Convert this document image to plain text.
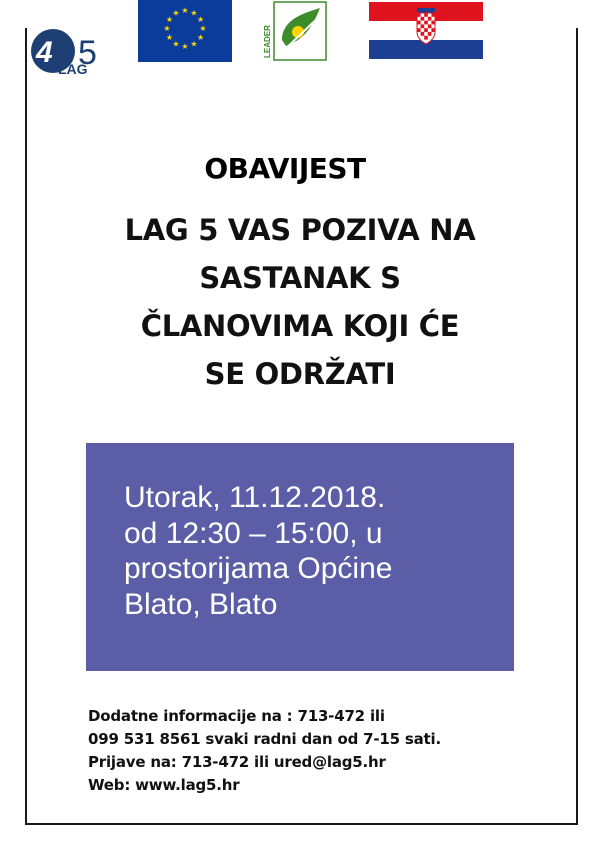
4 5
LAG
★ ★
★
★
★
★
★
★
★
★
★
★
LEADER
OBAVIJEST
LAG 5 VAS POZIVA NA
SASTANAK S
ČLANOVIMA KOJI ĆE
SE ODRŽATI
Utorak, 11.12.2018.
od 12:30 – 15:00, u
prostorijama Općine
Blato, Blato
Dodatne informacije na : 713-472 ili
099 531 8561 svaki radni dan od 7-15 sati.
Prijave na: 713-472 ili ured@lag5.hr
Web: www.lag5.hr
